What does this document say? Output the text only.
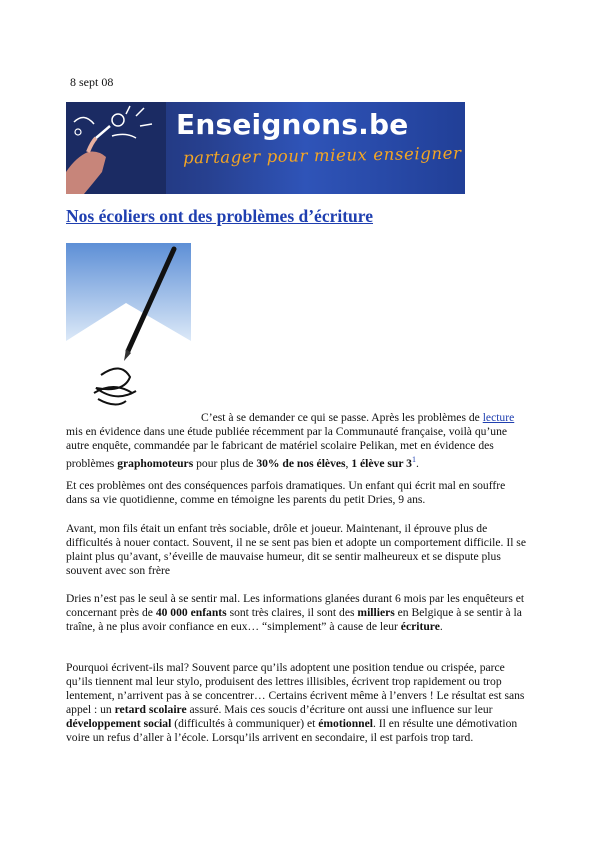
8 sept 08
Enseignons.be
partager pour mieux enseigner
Nos écoliers ont des problèmes d’écriture
C’est à se demander ce qui se passe. Après les problèmes de lecture mis en évidence dans une étude publiée récemment par la Communauté française, voilà qu’une autre enquête, commandée par le fabricant de matériel scolaire Pelikan, met en évidence des problèmes graphomoteurs pour plus de 30% de nos élèves, 1 élève sur $3^1$.
Et ces problèmes ont des conséquences parfois dramatiques. Un enfant qui écrit mal en souffre dans sa vie quotidienne, comme en témoigne les parents du petit Dries, 9 ans.
Avant, mon fils était un enfant très sociable, drôle et joueur. Maintenant, il éprouve plus de difficultés à nouer contact. Souvent, il ne se sent pas bien et adopte un comportement difficile. Il se plaint plus qu’avant, s’éveille de mauvaise humeur, dit se sentir malheureux et se dispute plus souvent avec son frère
Dries n’est pas le seul à se sentir mal. Les informations glanées durant 6 mois par les enquêteurs et concernant près de 40 000 enfants sont très claires, il sont des milliers en Belgique à se sentir à la traîne, à ne plus avoir confiance en eux… “simplement” à cause de leur écriture.
Pourquoi écrivent-ils mal? Souvent parce qu’ils adoptent une position tendue ou crispée, parce qu’ils tiennent mal leur stylo, produisent des lettres illisibles, écrivent trop rapidement ou trop lentement, n’arrivent pas à se concentrer… Certains écrivent même à l’envers ! Le résultat est sans appel : un retard scolaire assuré. Mais ces soucis d’écriture ont aussi une influence sur leur développement social (difficultés à communiquer) et émotionnel. Il en résulte une démotivation voire un refus d’aller à l’école. Lorsqu’ils arrivent en secondaire, il est parfois trop tard.
